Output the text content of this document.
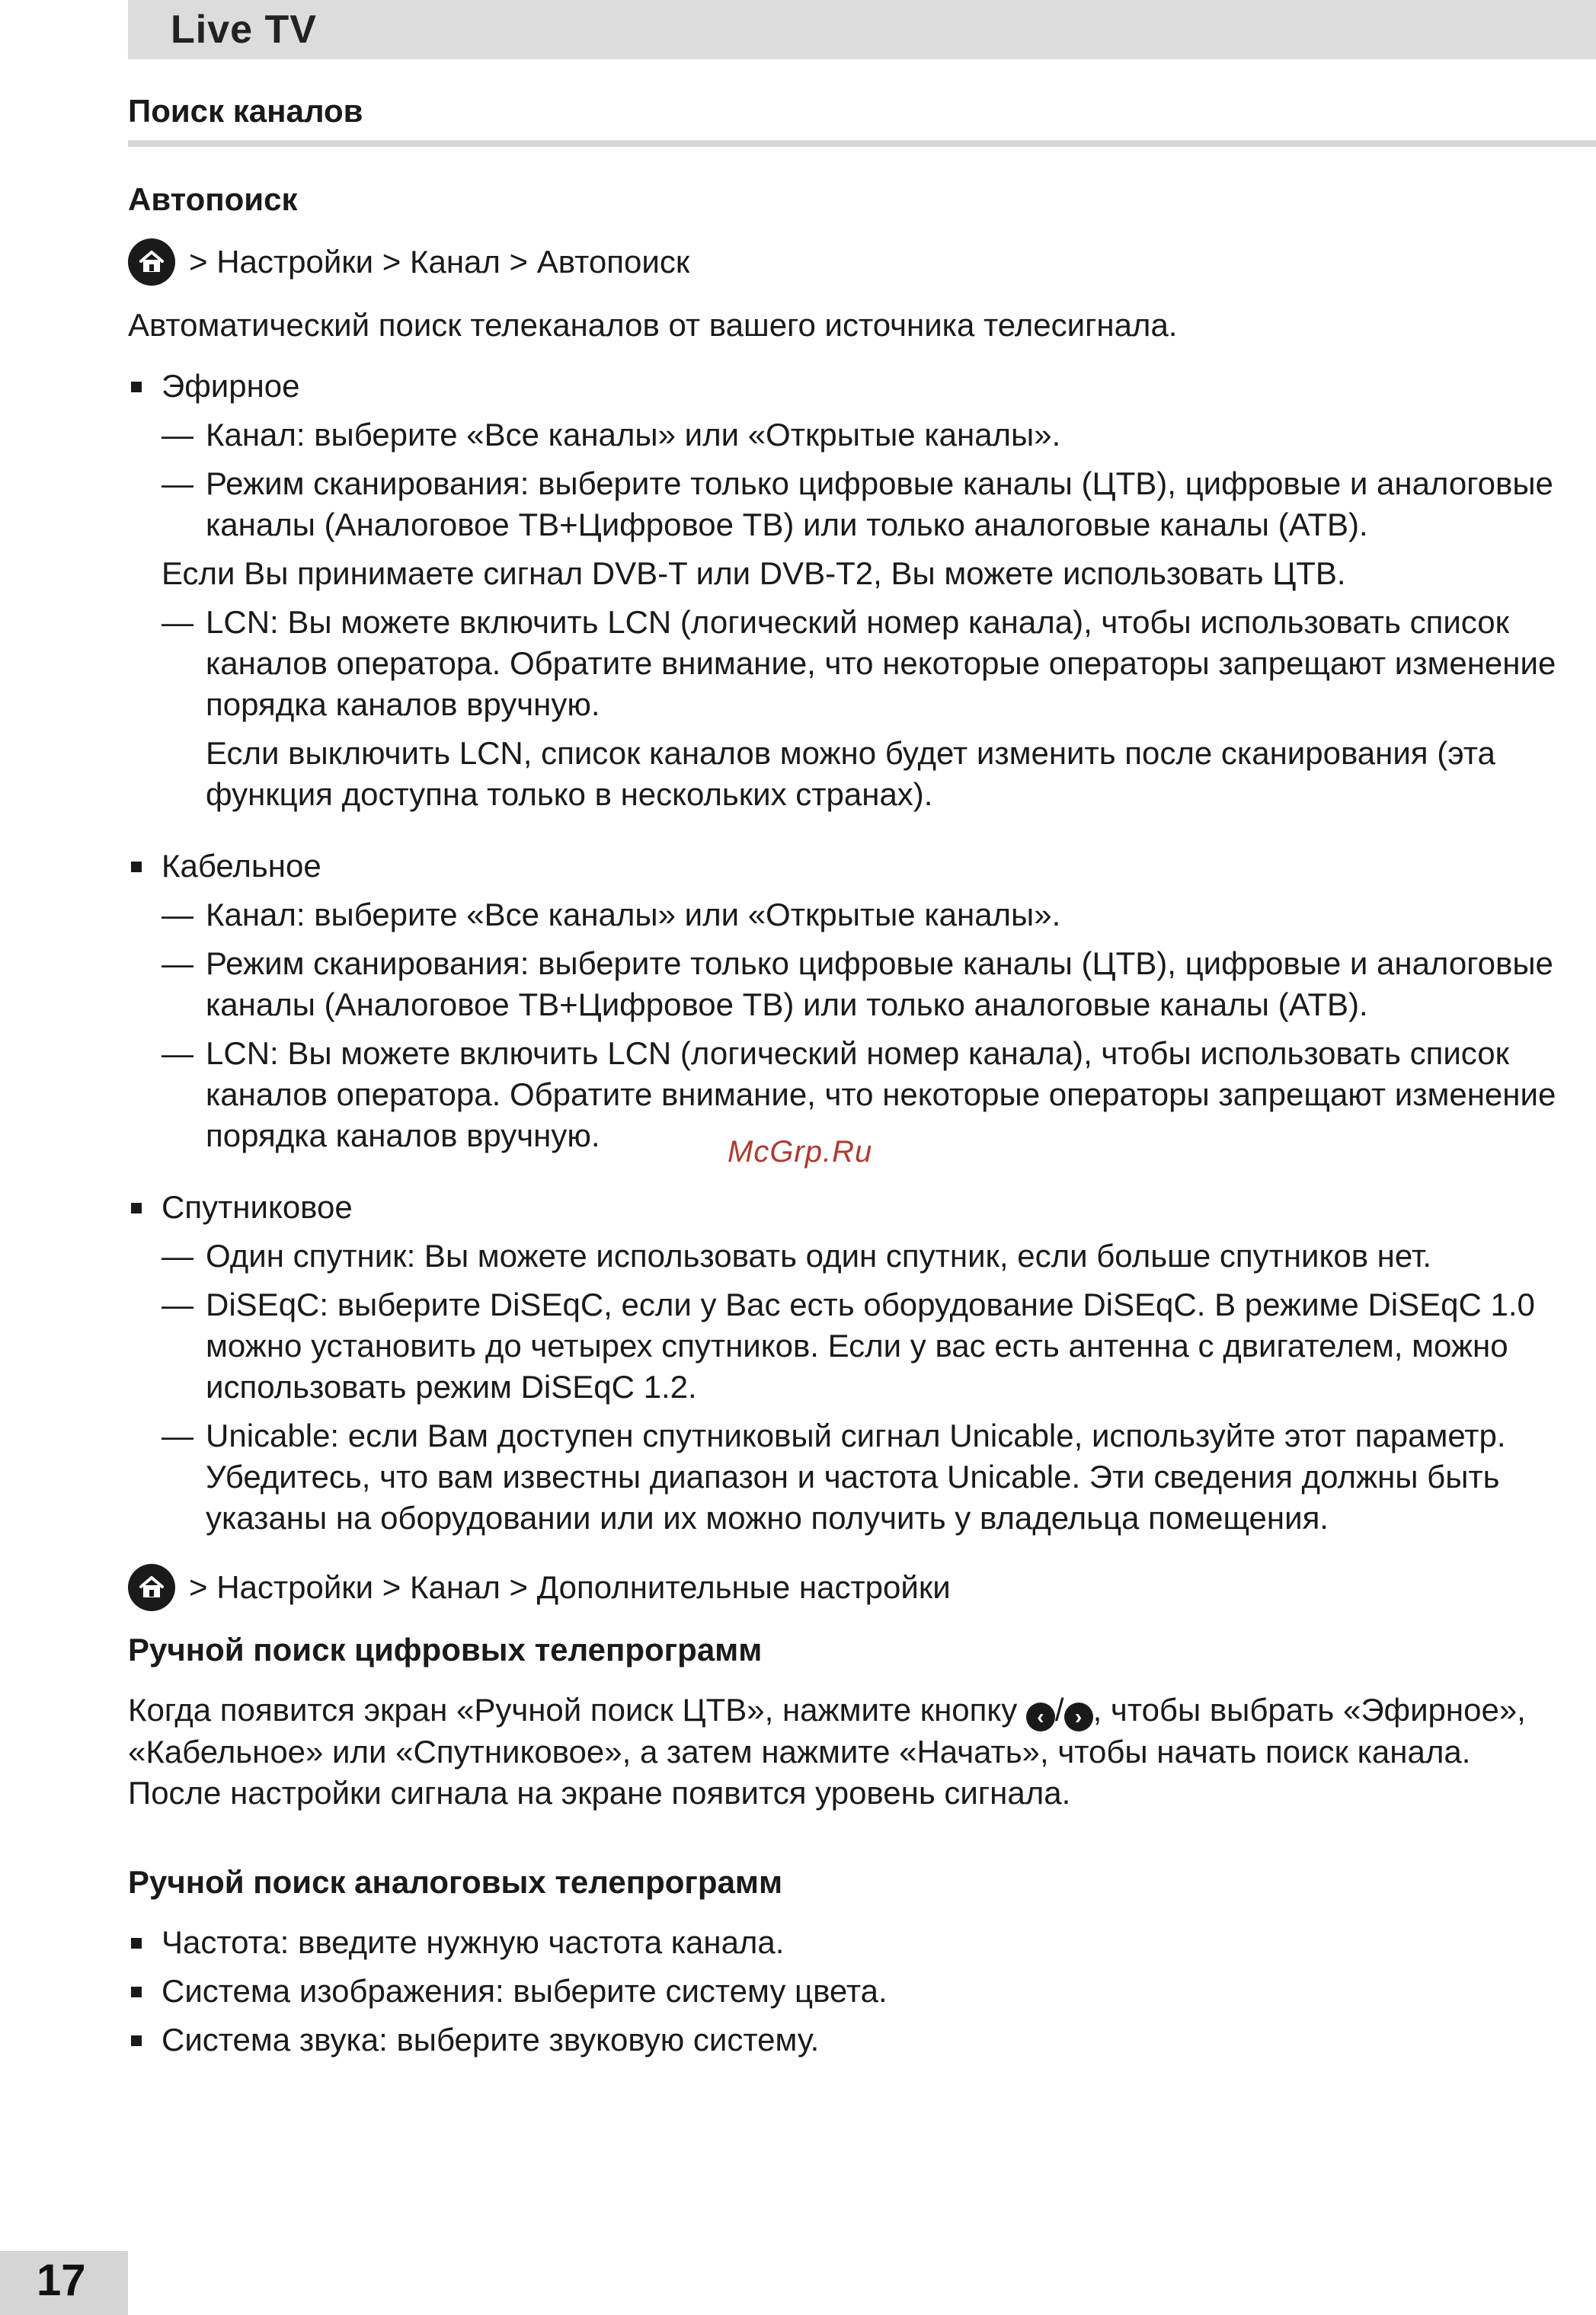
Live TV
Поиск каналов
Автопоиск
> Настройки > Канал > Автопоиск

Автоматический поиск телеканалов от вашего источника телесигнала.

Эфирное
— Канал: выберите «Все каналы» или «Открытые каналы».
— Режим сканирования: выберите только цифровые каналы (ЦТВ), цифровые и аналоговые
каналы (Аналоговое ТВ+Цифровое ТВ) или только аналоговые каналы (АТВ).
Если Вы принимаете сигнал DVB-T или DVB-T2, Вы можете использовать ЦТВ.
— LCN: Вы можете включить LCN (логический номер канала), чтобы использовать список
каналов оператора. Обратите внимание, что некоторые операторы запрещают изменение
порядка каналов вручную.
Если выключить LCN, список каналов можно будет изменить после сканирования (эта
функция доступна только в нескольких странах).
Кабельное
— Канал: выберите «Все каналы» или «Открытые каналы».
— Режим сканирования: выберите только цифровые каналы (ЦТВ), цифровые и аналоговые
каналы (Аналоговое ТВ+Цифровое ТВ) или только аналоговые каналы (АТВ).
— LCN: Вы можете включить LCN (логический номер канала), чтобы использовать список
каналов оператора. Обратите внимание, что некоторые операторы запрещают изменение
порядка каналов вручную.
Спутниковое
— Один спутник: Вы можете использовать один спутник, если больше спутников нет.
— DiSEqC: выберите DiSEqC, если у Вас есть оборудование DiSEqC. В режиме DiSEqC 1.0
можно установить до четырех спутников. Если у вас есть антенна с двигателем, можно
использовать режим DiSEqC 1.2.
— Unicable: если Вам доступен спутниковый сигнал Unicable, используйте этот параметр.
Убедитесь, что вам известны диапазон и частота Unicable. Эти сведения должны быть
указаны на оборудовании или их можно получить у владельца помещения.
> Настройки > Канал > Дополнительные настройки
Ручной поиск цифровых телепрограмм

Когда появится экран «Ручной поиск ЦТВ», нажмите кнопку ‹ / › , чтобы выбрать «Эфирное»,

«Кабельное» или «Спутниковое», а затем нажмите «Начать», чтобы начать поиск канала.

После настройки сигнала на экране появится уровень сигнала.

Ручной поиск аналоговых телепрограмм
Частота: введите нужную частота канала.
Система изображения: выберите систему цвета.
Система звука: выберите звуковую систему.
McGrp.Ru
17
